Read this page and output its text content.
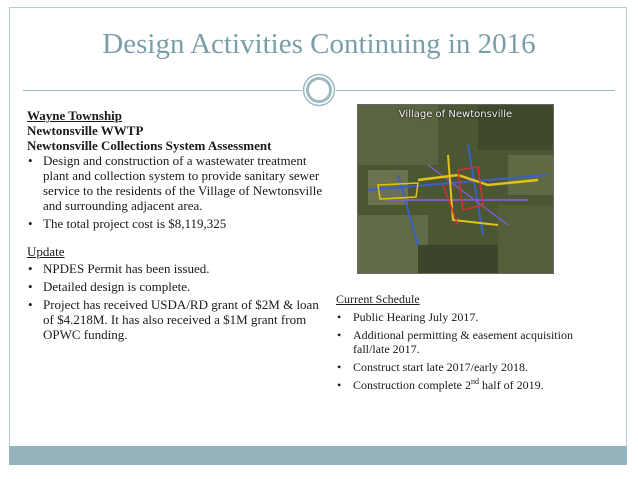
Design Activities Continuing in 2016
Wayne Township
Newtonsville WWTP
Newtonsville Collections System Assessment
• Design and construction of a wastewater treatment plant and collection system to provide sanitary sewer service to the residents of the Village of Newtonsville and surrounding adjacent area.
• The total project cost is $8,119,325
Update
• NPDES Permit has been issued.
• Detailed design is complete.
• Project has received USDA/RD grant of $2M & loan of $4.218M. It has also received a $1M grant from OPWC funding.
Village of Newtonsville
Current Schedule
• Public Hearing July 2017.
• Additional permitting & easement acquisition fall/late 2017.
• Construct start late 2017/early 2018.
• Construction complete 2nd half of 2019.
